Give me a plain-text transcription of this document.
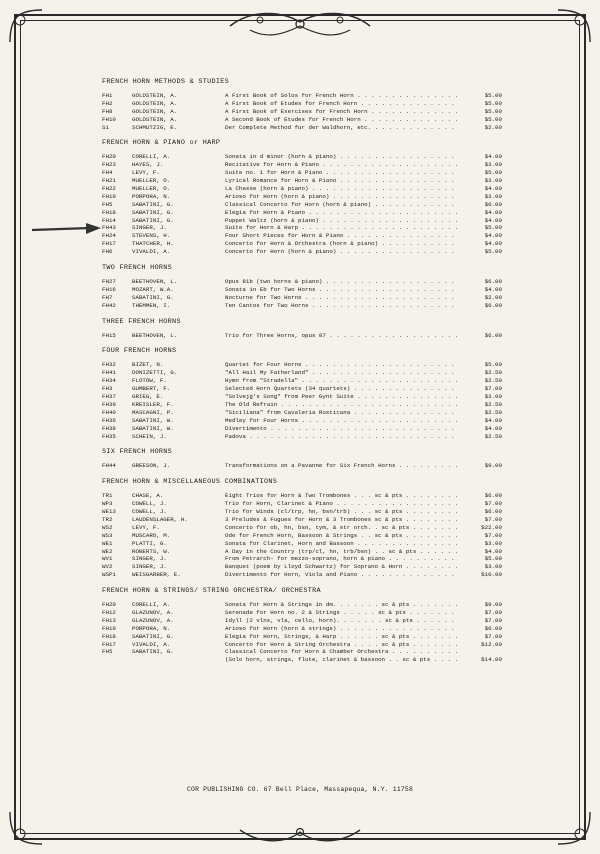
FRENCH HORN METHODS & STUDIES
FH1	GOLDSTEIN, A.	A First Book of Solos for French Horn . . .	$5.00
FH2	GOLDSTEIN, A.	A First Book of Etudes for French Horn . . .	$5.00
FH8	GOLDSTEIN, A.	A First Book of Exercises for French Horn . . .	$5.00
FH10	GOLDSTEIN, A.	A Second Book of Etudes for French Horn . . .	$5.00
S1	SCHMUTZIG, E.	Der Complete Method fur der Waldhorn, etc. . . .	$2.00
FRENCH HORN & PIANO or HARP
FH20	CORELLI, A.	Sonata in d minor (horn & piano) . . .	$4.00
FH23	HAYES, J.	Recitative for Horn & Piano . . .	$3.00
FH4	LEVY, F.	Suite no. 1 for Horn & Piano . . .	$5.00
FH21	MUELLER, O.	Lyrical Romance for Horn & Piano . . .	$3.00
FH22	MUELLER, O.	La Chasse (horn & piano) . . .	$4.00
FH19	PORPORA, N.	Arioso for Horn (horn & piano) . . .	$3.00
FH5	SABATINI, G.	Classical Concerto for Horn (horn & piano) . . .	$6.00
FH18	SABATINI, G.	Elegia for Horn & Piano . . .	$4.00
FH14	SABATINI, G.	Puppet Waltz (horn & piano) . . .	$4.00
FH43	SINGER, J.	Suite for Horn & Harp . . .	$5.00
FH24	STEVENS, H.	Four Short Pieces for Horn & Piano . . .	$4.00
FH17	THATCHER, H.	Concerto for Horn & Orchestra (horn & piano) . . .	$4.00
FH6	VIVALDI, A.	Concerto for Horn (horn & piano) . . .	$5.00
TWO FRENCH HORNS
FH27	BEETHOVEN, L.	Opus 81b (two horns & piano) . . .	$6.00
FH16	MOZART, W.A.	Sonata in Eb for Two Horns . . .	$4.00
FH7	SABATINI, G.	Nocturne for Two Horns . . .	$2.00
FH42	THEMMEN, I.	Ten Cantos for Two Horns . . .	$6.00
THREE FRENCH HORNS
FH15	BEETHOVEN, L.	Trio for Three Horns, opus 87 . . .	$6.00
FOUR FRENCH HORNS
FH32	BIZET, N.	Quartet for Four Horns . . .	$5.00
FH41	DONIZETTI, G.	"All Hail My Fatherland" . . .	$2.50
FH34	FLOTOW, F.	Hymn from "Stradella" . . .	$2.50
FH3	GUMBERT, F.	Selected Horn Quartets (34 quartets) . . .	$7.00
FH37	GRIEG, E.	"Solvejg's Song" from Peer Gynt Suite . . .	$3.00
FH39	KREISLER, F.	The Old Refrain . . .	$2.50
FH40	MASCAGNI, P.	"Siciliana" from Cavaleria Rusticana . . .	$2.50
FH36	SABATINI, W.	Medley for Four Horns . . .	$4.00
FH38	SABATINI, W.	Divertimento . . .	$4.00
FH35	SCHEIN, J.	Padova . . .	$2.50
SIX FRENCH HORNS
FH44	GREESON, J.	Transformations on a Pavanne for Six French Horns . . .	$9.00
FRENCH HORN & MISCELLANEOUS COMBINATIONS
TR1	CHASE, A.	Eight Trios for Horn & Two Trombones . . . sc & pts . . .	$6.00
WP3	COWELL, J.	Trio for Horn, Clarinet & Piano . . .	$7.00
WE13	COWELL, J.	Trio for Winds (cl/trp, hn, bsn/trb) . . . sc & pts . . .	$6.00
TR2	LAUDENSLAGER, H.	3 Preludes & Fugues for Horn & 3 Trombones sc & pts . . .	$7.00
WS2	LEVY, F.	Concerto for ob, hn, bsn, tym, & str orch. . sc & pts . . .	$22.00
WS3	MUSCARO, M.	Ode for French Horn, Bassoon & Strings . . sc & pts . . .	$7.00
WE1	PLATTI, G.	Sonata for Clarinet, Horn and Bassoon . . .	$3.00
WE2	ROBERTS, W.	A Day in the Country (trp/cl, hn, trb/bsn) . . sc & pts . . .	$4.00
WV1	SINGER, J.	From Petrarch- for mezzo-soprano, horn & piano . . .	$5.00
WV2	SINGER, J.	Banquet (poem by Lloyd Schwartz) for Soprano & Horn . . .	$3.00
WSP1	WEISGARBER, E.	Divertimento for Horn, Viola and Piano . . .	$10.00
FRENCH HORN & STRINGS/ STRING ORCHESTRA/ ORCHESTRA
FH20	CORELLI, A.	Sonata for Horn & Strings in dm. . . . . . . sc & pts . . .	$9.00
FH12	GLAZUNOV, A.	Serenade for Horn no. 2 & Strings . . . . . sc & pts . . .	$7.00
FH13	GLAZUNOV, A.	Idyll (2 vlns, vla, cello, horn). . . . . . . sc & pts . . .	$7.00
FH19	PORPORA, N.	Arioso for Horn (horn & strings) . . .	$6.00
FH18	SABATINI, G.	Elegia for Horn, Strings, & Harp . . . . . . sc & pts . . .	$7.00
FH17	VIVALDI, A.	Concerto for Horn & String Orchestra . . . . sc & pts . . .	$12.00
FH5	SABATINI, G.	Classical Concerto for Horn & Chamber Orchestra . . .
(Solo horn, strings, flute, clarinet & bassoon . . sc & pts . . .	$14.00
COR PUBLISHING CO. 67 Bell Place, Massapequa, N.Y. 11758
